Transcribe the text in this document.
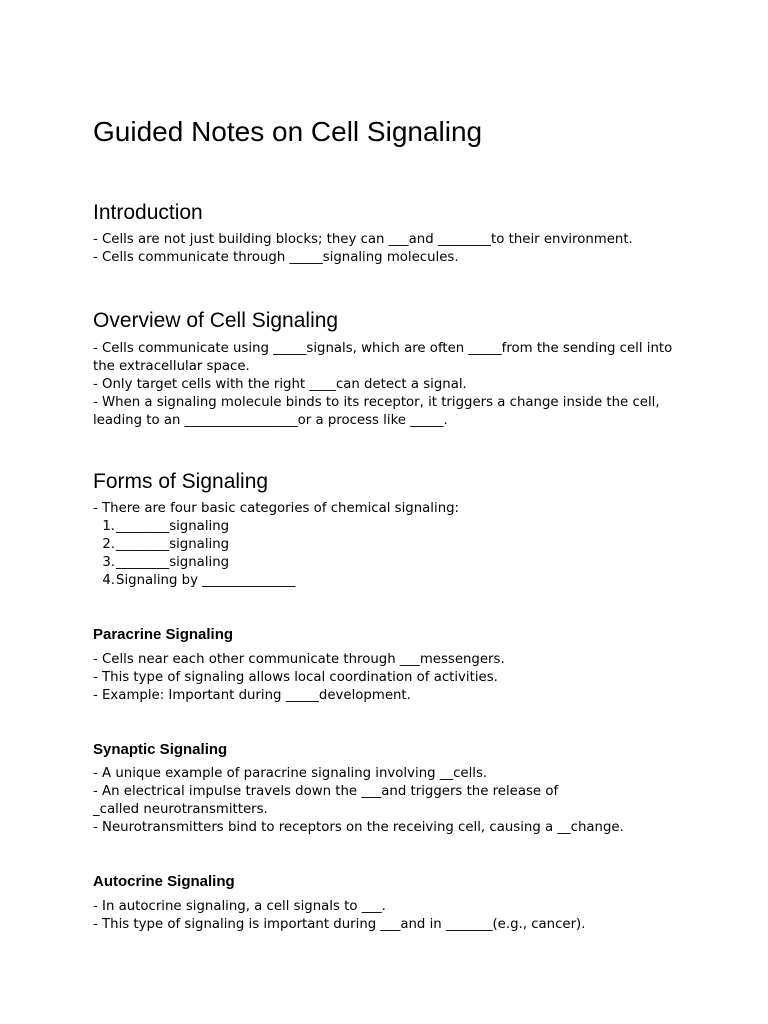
Guided Notes on Cell Signaling
Introduction
- Cells are not just building blocks; they can ___and ________to their environment.
- Cells communicate through _____signaling molecules.
Overview of Cell Signaling
- Cells communicate using _____signals, which are often _____from the sending cell into the extracellular space.
- Only target cells with the right ____can detect a signal.
- When a signaling molecule binds to its receptor, it triggers a change inside the cell, leading to an _________________or a process like _____.
Forms of Signaling
- There are four basic categories of chemical signaling:
1.________signaling
2.________signaling
3.________signaling
4.Signaling by ______________
Paracrine Signaling
- Cells near each other communicate through ___messengers.
- This type of signaling allows local coordination of activities.
- Example: Important during _____development.
Synaptic Signaling
- A unique example of paracrine signaling involving __cells.
- An electrical impulse travels down the ___and triggers the release of
_called neurotransmitters.
- Neurotransmitters bind to receptors on the receiving cell, causing a __change.
Autocrine Signaling
- In autocrine signaling, a cell signals to ___.
- This type of signaling is important during ___and in _______(e.g., cancer).
